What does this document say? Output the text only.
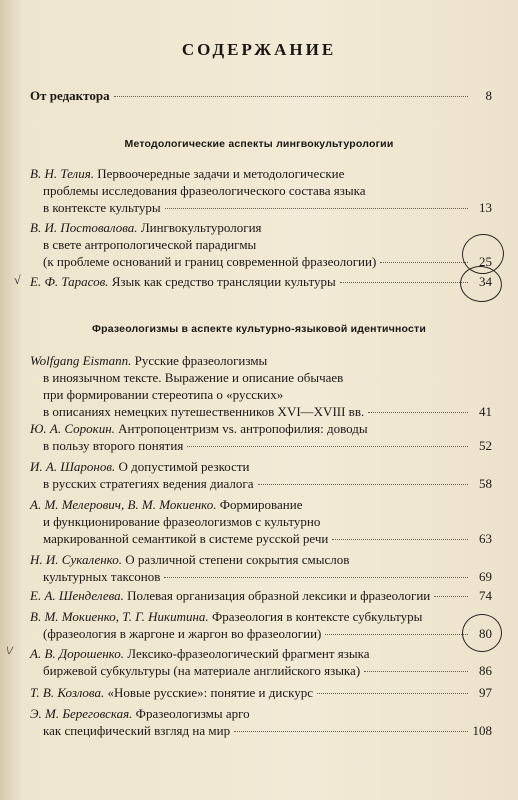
СОДЕРЖАНИЕ
От редактора	8
Методологические аспекты лингвокультурологии
Фразеологизмы в аспекте культурно-языковой идентичности
В. Н. Телия. Первоочередные задачи и методологические
проблемы исследования фразеологического состава языка
в контексте культуры	13
В. И. Постовалова. Лингвокультурология
в свете антропологической парадигмы
(к проблеме оснований и границ современной фразеологии)	25
Е. Ф. Тарасов. Язык как средство трансляции культуры	34
Wolfgang Eismann. Русские фразеологизмы
в иноязычном тексте. Выражение и описание обычаев
при формировании стереотипа о «русских»
в описаниях немецких путешественников XVI—XVIII вв.	41
Ю. А. Сорокин. Антропоцентризм vs. антропофилия: доводы
в пользу второго понятия	52
И. А. Шаронов. О допустимой резкости
в русских стратегиях ведения диалога	58
А. М. Мелерович, В. М. Мокиенко. Формирование
и функционирование фразеологизмов с культурно
маркированной семантикой в системе русской речи	63
Н. И. Сукаленко. О различной степени сокрытия смыслов
культурных таксонов	69
Е. А. Шенделева. Полевая организация образной лексики и фразеологии	74
В. М. Мокиенко, Т. Г. Никитина. Фразеология в контексте субкультуры
(фразеология в жаргоне и жаргон во фразеологии)	80
А. В. Дорошенко. Лексико-фразеологический фрагмент языка
биржевой субкультуры (на материале английского языка)	86
Т. В. Козлова. «Новые русские»: понятие и дискурс	97
Э. М. Береговская. Фразеологизмы арго
как специфический взгляд на мир	108
√
\/
